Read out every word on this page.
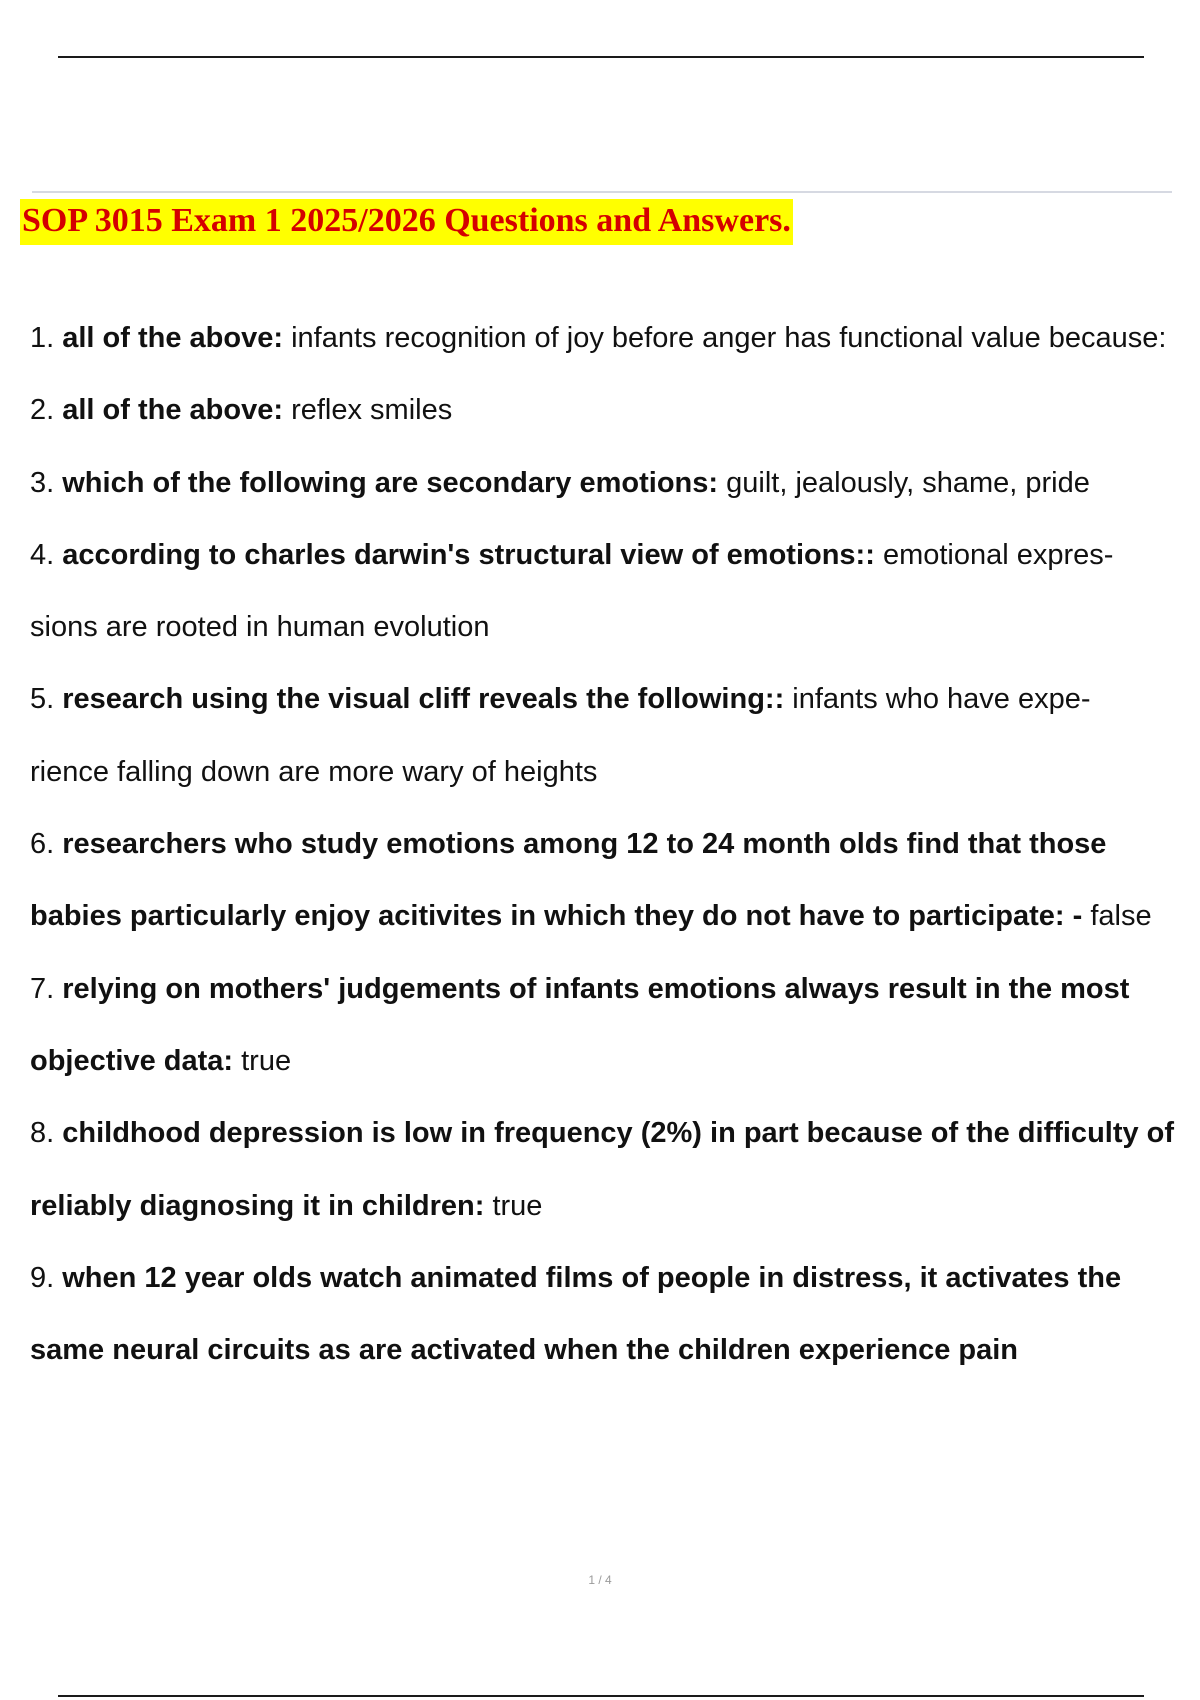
SOP 3015 Exam 1 2025/2026 Questions and Answers.
1. all of the above: infants recognition of joy before anger has functional value because:
2. all of the above: reflex smiles
3. which of the following are secondary emotions: guilt, jealously, shame, pride
4. according to charles darwin's structural view of emotions:: emotional expres- sions are rooted in human evolution
5. research using the visual cliff reveals the following:: infants who have expe- rience falling down are more wary of heights
6. researchers who study emotions among 12 to 24 month olds find that those babies particularly enjoy acitivites in which they do not have to participate: - false
7. relying on mothers' judgements of infants emotions always result in the most objective data: true
8. childhood depression is low in frequency (2%) in part because of the difficulty of reliably diagnosing it in children: true
9. when 12 year olds watch animated films of people in distress, it activates the same neural circuits as are activated when the children experience pain
1 / 4
